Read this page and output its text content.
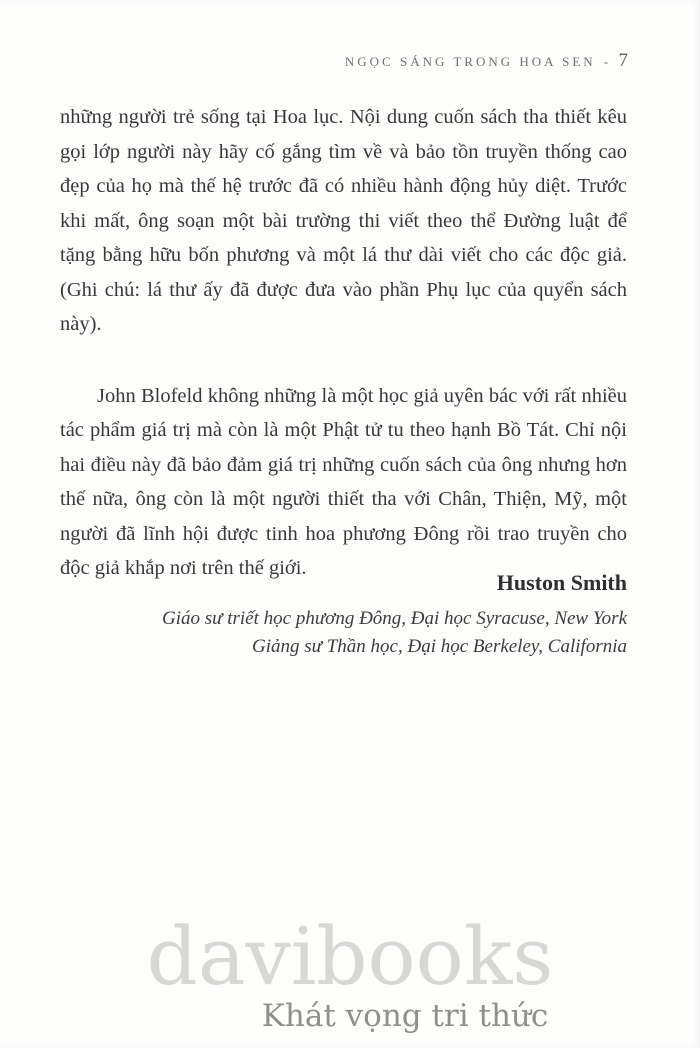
NGỌC SÁNG TRONG HOA SEN - 7

những người trẻ sống tại Hoa lục. Nội dung cuốn sách tha thiết kêu gọi lớp người này hãy cố gắng tìm về và bảo tồn truyền thống cao đẹp của họ mà thế hệ trước đã có nhiều hành động hủy diệt. Trước khi mất, ông soạn một bài trường thi viết theo thể Đường luật để tặng bằng hữu bốn phương và một lá thư dài viết cho các độc giả. (Ghi chú: lá thư ấy đã được đưa vào phần Phụ lục của quyển sách này).

John Blofeld không những là một học giả uyên bác với rất nhiều tác phẩm giá trị mà còn là một Phật tử tu theo hạnh Bồ Tát. Chỉ nội hai điều này đã bảo đảm giá trị những cuốn sách của ông nhưng hơn thế nữa, ông còn là một người thiết tha với Chân, Thiện, Mỹ, một người đã lĩnh hội được tinh hoa phương Đông rồi trao truyền cho độc giả khắp nơi trên thế giới.

Huston Smith
Giáo sư triết học phương Đông, Đại học Syracuse, New York
Giảng sư Thần học, Đại học Berkeley, California
davibooks
Khát vọng tri thức
